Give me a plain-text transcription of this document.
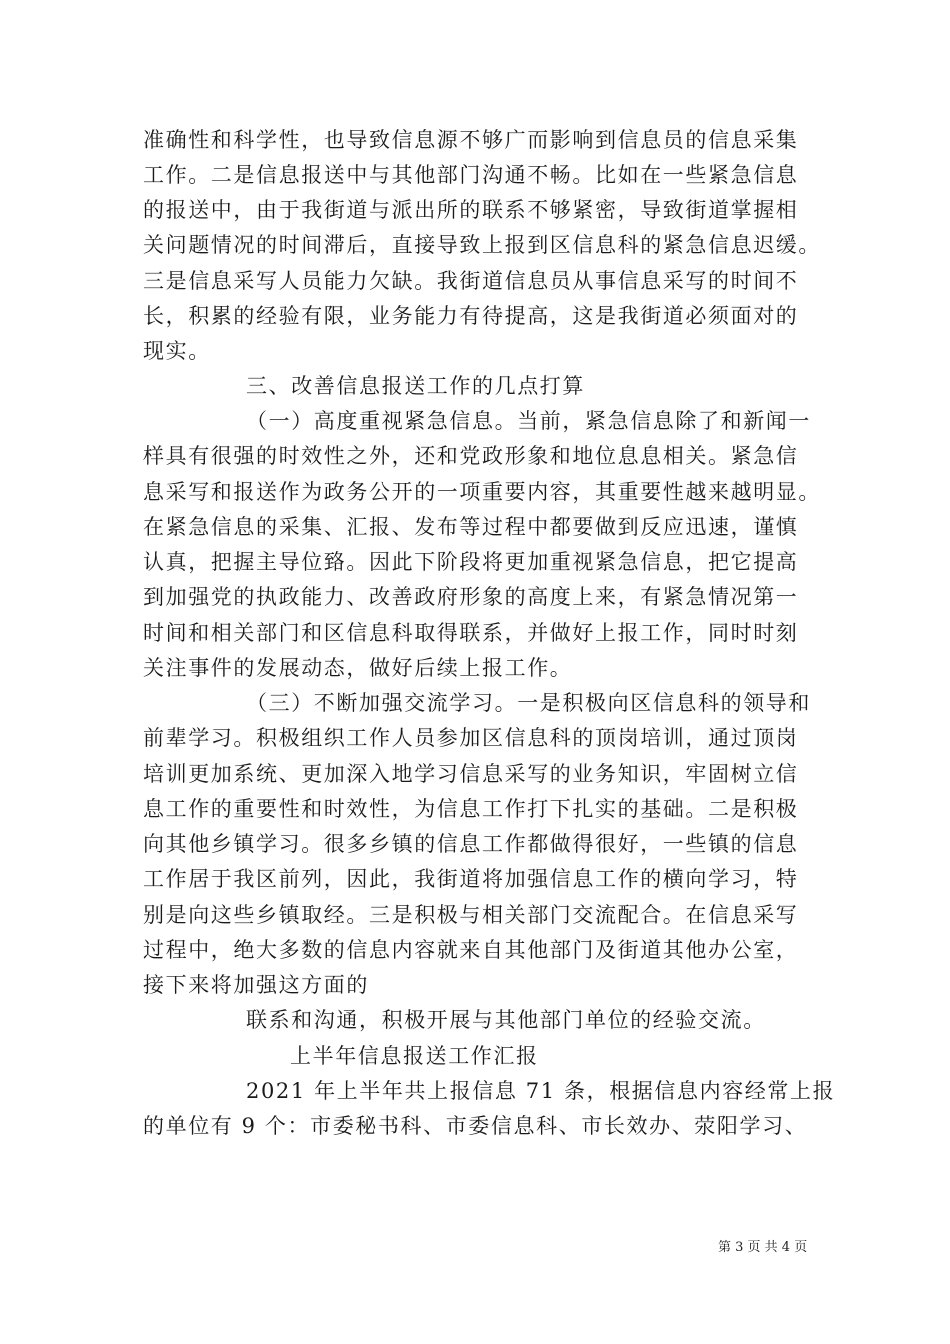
准确性和科学性，也导致信息源不够广而影响到信息员的信息采集
工作。二是信息报送中与其他部门沟通不畅。比如在一些紧急信息
的报送中，由于我街道与派出所的联系不够紧密，导致街道掌握相
关问题情况的时间滞后，直接导致上报到区信息科的紧急信息迟缓。
三是信息采写人员能力欠缺。我街道信息员从事信息采写的时间不
长，积累的经验有限，业务能力有待提高，这是我街道必须面对的
现实。
三、改善信息报送工作的几点打算
（一）高度重视紧急信息。当前，紧急信息除了和新闻一
样具有很强的时效性之外，还和党政形象和地位息息相关。紧急信
息采写和报送作为政务公开的一项重要内容，其重要性越来越明显。
在紧急信息的采集、汇报、发布等过程中都要做到反应迅速，谨慎
认真，把握主导位臵。因此下阶段将更加重视紧急信息，把它提高
到加强党的执政能力、改善政府形象的高度上来，有紧急情况第一
时间和相关部门和区信息科取得联系，并做好上报工作，同时时刻
关注事件的发展动态，做好后续上报工作。
（三）不断加强交流学习。一是积极向区信息科的领导和
前辈学习。积极组织工作人员参加区信息科的顶岗培训，通过顶岗
培训更加系统、更加深入地学习信息采写的业务知识，牢固树立信
息工作的重要性和时效性，为信息工作打下扎实的基础。二是积极
向其他乡镇学习。很多乡镇的信息工作都做得很好，一些镇的信息
工作居于我区前列，因此，我街道将加强信息工作的横向学习，特
别是向这些乡镇取经。三是积极与相关部门交流配合。在信息采写
过程中，绝大多数的信息内容就来自其他部门及街道其他办公室，
接下来将加强这方面的
联系和沟通，积极开展与其他部门单位的经验交流。
上半年信息报送工作汇报
2021 年上半年共上报信息 71 条，根据信息内容经常上报
的单位有 9 个：市委秘书科、市委信息科、市长效办、荥阳学习、
第 3 页 共 4 页
